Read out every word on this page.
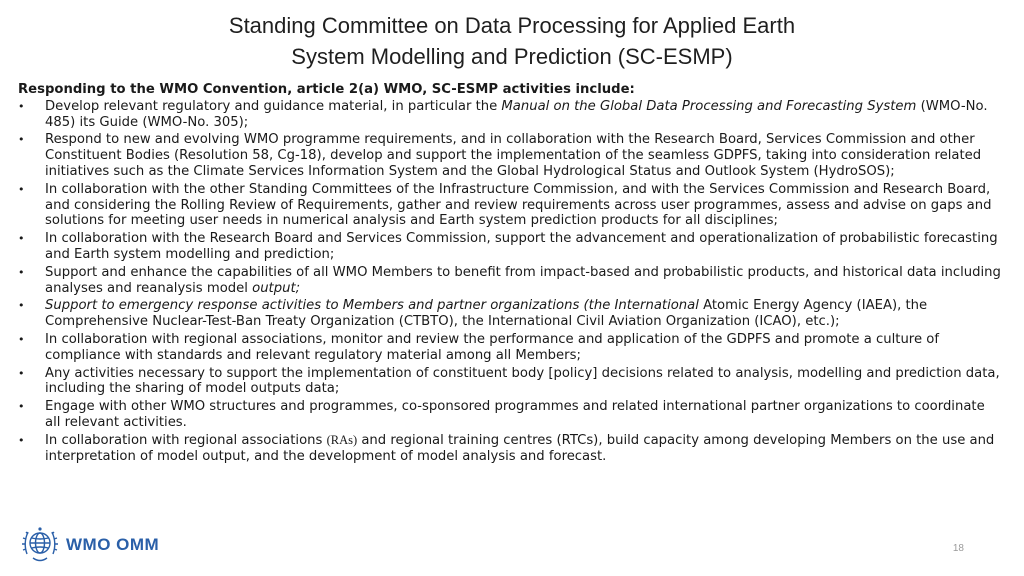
Standing Committee on Data Processing for Applied Earth
System Modelling and Prediction (SC-ESMP)
Responding to the WMO Convention, article 2(a) WMO, SC-ESMP activities include:
• Develop relevant regulatory and guidance material, in particular the Manual on the Global Data Processing and Forecasting System (WMO-No. 485) its Guide (WMO-No. 305);
• Respond to new and evolving WMO programme requirements, and in collaboration with the Research Board, Services Commission and other Constituent Bodies (Resolution 58, Cg-18), develop and support the implementation of the seamless GDPFS, taking into consideration related initiatives such as the Climate Services Information System and the Global Hydrological Status and Outlook System (HydroSOS);
• In collaboration with the other Standing Committees of the Infrastructure Commission, and with the Services Commission and Research Board, and considering the Rolling Review of Requirements, gather and review requirements across user programmes, assess and advise on gaps and solutions for meeting user needs in numerical analysis and Earth system prediction products for all disciplines;
• In collaboration with the Research Board and Services Commission, support the advancement and operationalization of probabilistic forecasting and Earth system modelling and prediction;
• Support and enhance the capabilities of all WMO Members to benefit from impact-based and probabilistic products, and historical data including analyses and reanalysis model output;
• Support to emergency response activities to Members and partner organizations (the International Atomic Energy Agency (IAEA), the Comprehensive Nuclear-Test-Ban Treaty Organization (CTBTO), the International Civil Aviation Organization (ICAO), etc.);
• In collaboration with regional associations, monitor and review the performance and application of the GDPFS and promote a culture of compliance with standards and relevant regulatory material among all Members;
• Any activities necessary to support the implementation of constituent body [policy] decisions related to analysis, modelling and prediction data, including the sharing of model outputs data;
• Engage with other WMO structures and programmes, co-sponsored programmes and related international partner organizations to coordinate all relevant activities.
• In collaboration with regional associations (RAs) and regional training centres (RTCs), build capacity among developing Members on the use and interpretation of model output, and the development of model analysis and forecast.
WMO OMM	18
